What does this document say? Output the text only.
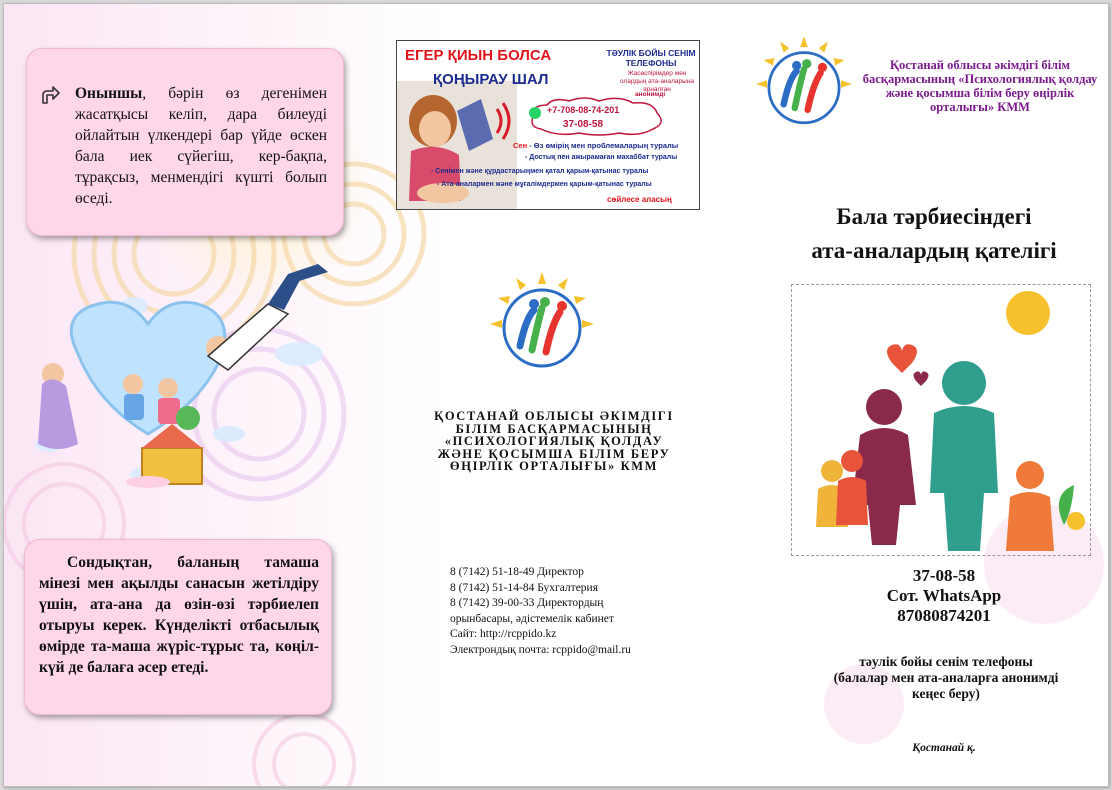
Оныншы, бәрін өз дегенімен жасатқысы келіп, дара билеуді ойлайтын үлкендері бар үйде өскен бала иек сүйегіш, кер-бақпа, тұрақсыз, менмендігі күшті болып өседі.
Сондықтан, баланың тамаша мінезі мен ақылды санасын жетілдіру үшін, ата-ана да өзін-өзі тәрбиелеп отыруы керек. Күнделікті отбасылық өмірде та-маша жүріс-тұрыс та, көңіл-күй де балаға әсер етеді.
ЕГЕР ҚИЫН БОЛСА
ҚОҢЫРАУ ШАЛ
ТӘУЛІК БОЙЫ СЕНІМ ТЕЛЕФОНЫ
Жасөспірімдер мен олардың ата-аналарына арналған
анонимді
+7-708-08-74-201
37-08-58
Сен - Өз өмірің мен проблемаларың туралы
- Достық пен ажырамаған махаббат туралы
- Сенімен және құрдастарыңмен қатал қарым-қатынас туралы
- Ата-аналармен және мұғалімдермен қарым-қатынас туралы
сөйлесе аласың
ҚОСТАНАЙ ОБЛЫСЫ ӘКІМДІГІ БІЛІМ БАСҚАРМАСЫНЫҢ «ПСИХОЛОГИЯЛЫҚ ҚОЛДАУ ЖӘНЕ ҚОСЫМША БІЛІМ БЕРУ ӨҢІРЛІК ОРТАЛЫҒЫ» КММ
8 (7142) 51-18-49 Директор
8 (7142) 51-14-84 Бухгалтерия
8 (7142) 39-00-33 Директордың
орынбасары, әдістемелік кабинет
Сайт: http://rcppido.kz
Электрондық почта: rcppido@mail.ru
Қостанай облысы әкімдігі білім басқармасының «Психологиялық қолдау және қосымша білім беру өңірлік орталығы» КММ
Бала тәрбиесіндегі
ата-аналардың қателігі
37-08-58
Сот. WhatsApp
87080874201
тәулік бойы сенім телефоны
(балалар мен ата-аналарға анонимді
кеңес беру)
Қостанай қ.
